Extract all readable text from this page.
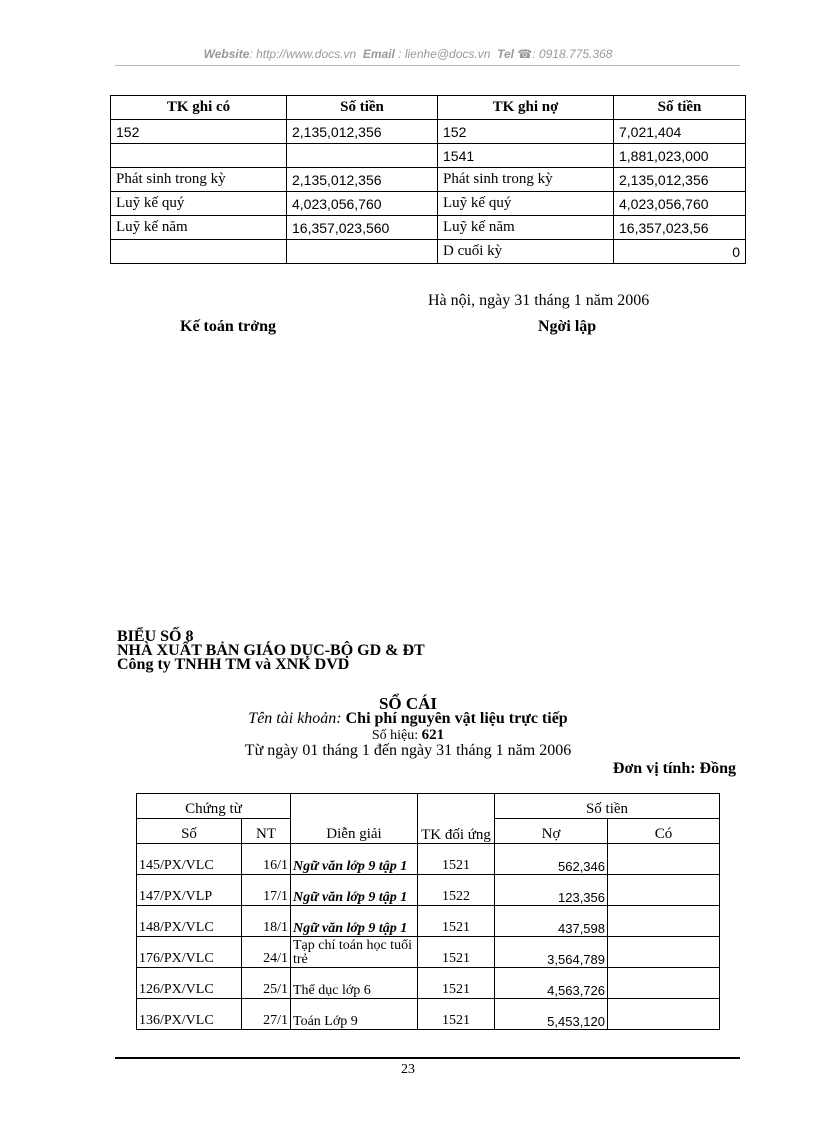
Website: http://www.docs.vn Email : lienhe@docs.vn Tel ☎: 0918.775.368
TK ghi có	Số tiền	TK ghi nợ	Số tiền
152	2,135,012,356	152	7,021,404
		1541	1,881,023,000
Phát sinh trong kỳ	2,135,012,356	Phát sinh trong kỳ	2,135,012,356
Luỹ kế quý	4,023,056,760	Luỹ kế quý	4,023,056,760
Luỹ kế năm	16,357,023,560	Luỹ kế năm	16,357,023,56
		D cuối kỳ	0
Hà nội, ngày 31 tháng 1 năm 2006
Kế toán trởng	Ngời lập
BIỂU SỐ 8
NHÀ XUẤT BẢN GIÁO DỤC-BỘ GD & ĐT
Công ty TNHH TM và XNK DVD
SỔ CÁI
Tên tài khoản: Chi phí nguyên vật liệu trực tiếp
Số hiệu: 621
Từ ngày 01 tháng 1 đến ngày 31 tháng 1 năm 2006
Đơn vị tính: Đồng
Chứng từ		Diễn giải	TK đối ứng	Số tiền	
Số	NT			Nợ	Có
145/PX/VLC	16/1	Ngữ văn lớp 9 tập 1	1521	562,346	
147/PX/VLP	17/1	Ngữ văn lớp 9 tập 1	1522	123,356	
148/PX/VLC	18/1	Ngữ văn lớp 9 tập 1	1521	437,598	
176/PX/VLC	24/1	Tạp chí toán học tuổi trẻ	1521	3,564,789	
126/PX/VLC	25/1	Thể dục lớp 6	1521	4,563,726	
136/PX/VLC	27/1	Toán Lớp 9	1521	5,453,120	
23
